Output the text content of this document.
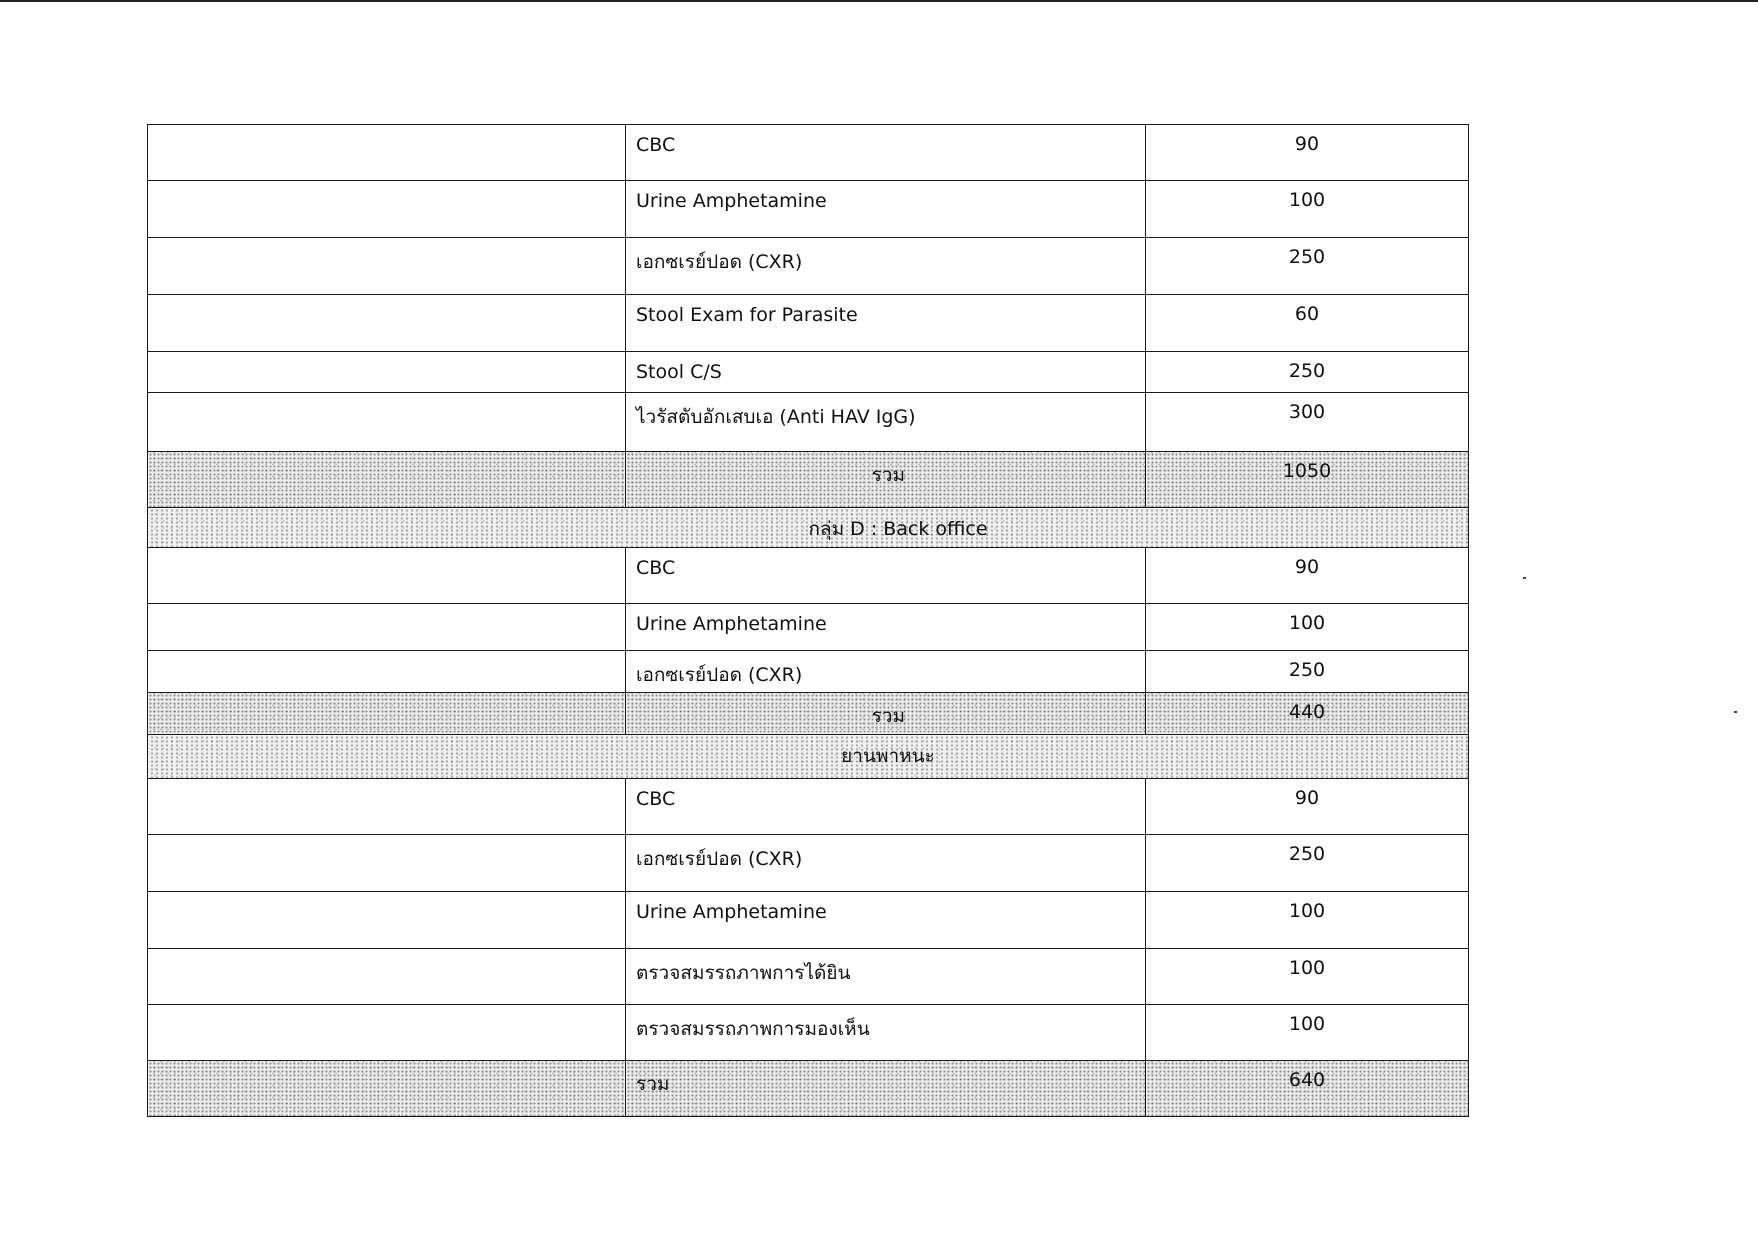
	CBC	90

	Urine Amphetamine	100

	เอกซเรย์ปอด (CXR)	250

	Stool Exam for Parasite	60

	Stool C/S	250

	ไวรัสตับอักเสบเอ (Anti HAV IgG)	300

	รวม	1050

กลุ่ม D : Back office		

	CBC	90

	Urine Amphetamine	100

	เอกซเรย์ปอด (CXR)	250

	รวม	440

ยานพาหนะ		

	CBC	90

	เอกซเรย์ปอด (CXR)	250

	Urine Amphetamine	100

	ตรวจสมรรถภาพการได้ยิน	100

	ตรวจสมรรถภาพการมองเห็น	100

	รวม	640
